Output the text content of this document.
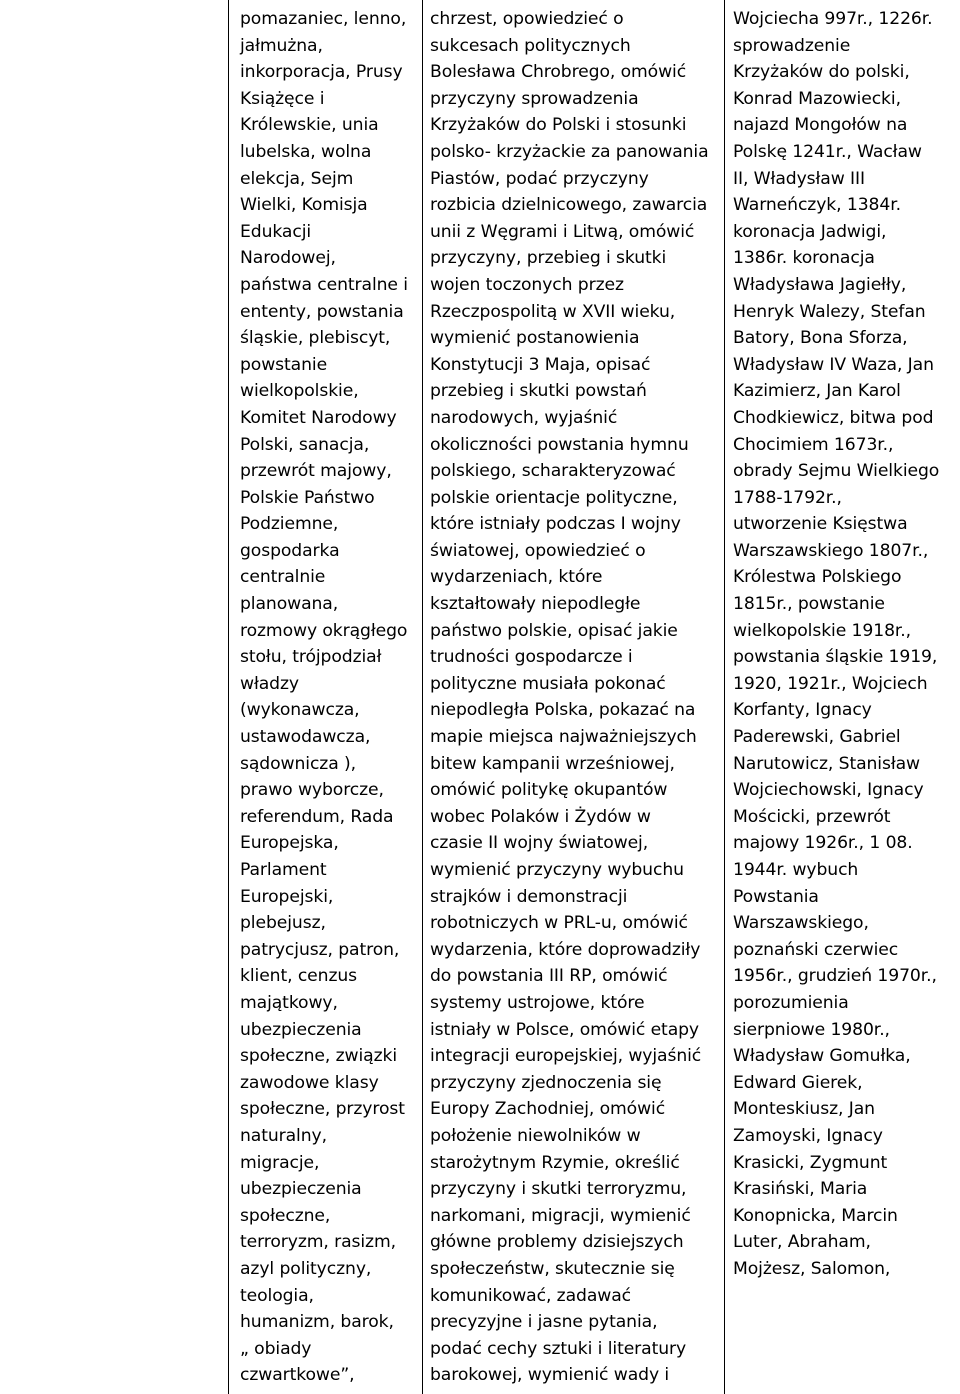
pomazaniec, lenno,
jałmużna,
inkorporacja, Prusy
Książęce i
Królewskie, unia
lubelska, wolna
elekcja, Sejm
Wielki, Komisja
Edukacji
Narodowej,
państwa centralne i
ententy, powstania
śląskie, plebiscyt,
powstanie
wielkopolskie,
Komitet Narodowy
Polski, sanacja,
przewrót majowy,
Polskie Państwo
Podziemne,
gospodarka
centralnie
planowana,
rozmowy okrągłego
stołu, trójpodział
władzy
(wykonawcza,
ustawodawcza,
sądownicza ),
prawo wyborcze,
referendum, Rada
Europejska,
Parlament
Europejski,
plebejusz,
patrycjusz, patron,
klient, cenzus
majątkowy,
ubezpieczenia
społeczne, związki
zawodowe klasy
społeczne, przyrost
naturalny,
migracje,
ubezpieczenia
społeczne,
terroryzm, rasizm,
azyl polityczny,
teologia,
humanizm, barok,
„ obiady
czwartkowe”,
chrzest, opowiedzieć o
sukcesach politycznych
Bolesława Chrobrego, omówić
przyczyny sprowadzenia
Krzyżaków do Polski i stosunki
polsko- krzyżackie za panowania
Piastów, podać przyczyny
rozbicia dzielnicowego, zawarcia
unii z Węgrami i Litwą, omówić
przyczyny, przebieg i skutki
wojen toczonych przez
Rzeczpospolitą w XVII wieku,
wymienić postanowienia
Konstytucji 3 Maja, opisać
przebieg i skutki powstań
narodowych, wyjaśnić
okoliczności powstania hymnu
polskiego, scharakteryzować
polskie orientacje polityczne,
które istniały podczas I wojny
światowej, opowiedzieć o
wydarzeniach, które
kształtowały niepodległe
państwo polskie, opisać jakie
trudności gospodarcze i
polityczne musiała pokonać
niepodległa Polska, pokazać na
mapie miejsca najważniejszych
bitew kampanii wrześniowej,
omówić politykę okupantów
wobec Polaków i Żydów w
czasie II wojny światowej,
wymienić przyczyny wybuchu
strajków i demonstracji
robotniczych w PRL-u, omówić
wydarzenia, które doprowadziły
do powstania III RP, omówić
systemy ustrojowe, które
istniały w Polsce, omówić etapy
integracji europejskiej, wyjaśnić
przyczyny zjednoczenia się
Europy Zachodniej, omówić
położenie niewolników w
starożytnym Rzymie, określić
przyczyny i skutki terroryzmu,
narkomani, migracji, wymienić
główne problemy dzisiejszych
społeczeństw, skutecznie się
komunikować, zadawać
precyzyjne i jasne pytania,
podać cechy sztuki i literatury
barokowej, wymienić wady i
Wojciecha 997r., 1226r.
sprowadzenie
Krzyżaków do polski,
Konrad Mazowiecki,
najazd Mongołów na
Polskę 1241r., Wacław
II, Władysław III
Warneńczyk, 1384r.
koronacja Jadwigi,
1386r. koronacja
Władysława Jagiełły,
Henryk Walezy, Stefan
Batory, Bona Sforza,
Władysław IV Waza, Jan
Kazimierz, Jan Karol
Chodkiewicz, bitwa pod
Chocimiem 1673r.,
obrady Sejmu Wielkiego
1788-1792r.,
utworzenie Księstwa
Warszawskiego 1807r.,
Królestwa Polskiego
1815r., powstanie
wielkopolskie 1918r.,
powstania śląskie 1919,
1920, 1921r., Wojciech
Korfanty, Ignacy
Paderewski, Gabriel
Narutowicz, Stanisław
Wojciechowski, Ignacy
Mościcki, przewrót
majowy 1926r., 1 08.
1944r. wybuch
Powstania
Warszawskiego,
poznański czerwiec
1956r., grudzień 1970r.,
porozumienia
sierpniowe 1980r.,
Władysław Gomułka,
Edward Gierek,
Monteskiusz, Jan
Zamoyski, Ignacy
Krasicki, Zygmunt
Krasiński, Maria
Konopnicka, Marcin
Luter, Abraham,
Mojżesz, Salomon,
